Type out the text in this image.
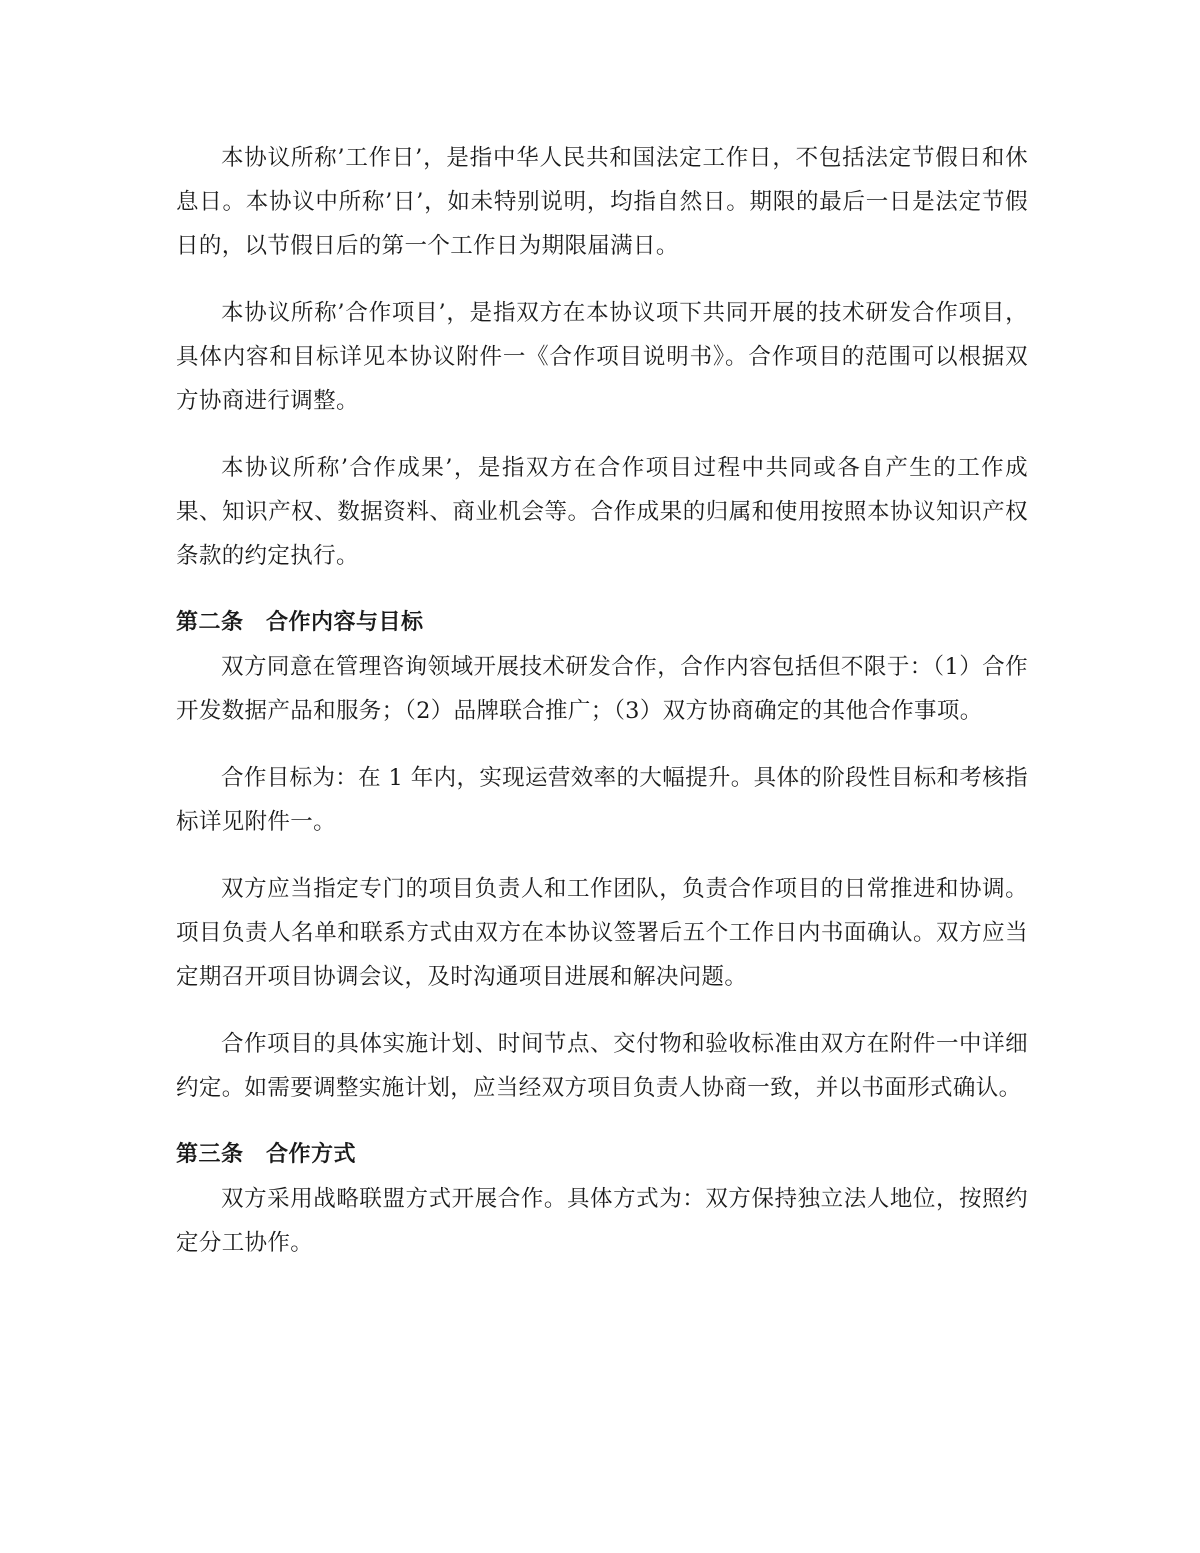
本协议所称’工作日’，是指中华人民共和国法定工作日，不包括法定节假日和休息日。本协议中所称’日’，如未特别说明，均指自然日。期限的最后一日是法定节假日的，以节假日后的第一个工作日为期限届满日。

本协议所称’合作项目’，是指双方在本协议项下共同开展的技术研发合作项目，具体内容和目标详见本协议附件一《合作项目说明书》。合作项目的范围可以根据双方协商进行调整。

本协议所称’合作成果’，是指双方在合作项目过程中共同或各自产生的工作成果、知识产权、数据资料、商业机会等。合作成果的归属和使用按照本协议知识产权条款的约定执行。

第二条　合作内容与目标

双方同意在管理咨询领域开展技术研发合作，合作内容包括但不限于：（1）合作开发数据产品和服务；（2）品牌联合推广；（3）双方协商确定的其他合作事项。

合作目标为：在 1 年内，实现运营效率的大幅提升。具体的阶段性目标和考核指标详见附件一。

双方应当指定专门的项目负责人和工作团队，负责合作项目的日常推进和协调。项目负责人名单和联系方式由双方在本协议签署后五个工作日内书面确认。双方应当定期召开项目协调会议，及时沟通项目进展和解决问题。

合作项目的具体实施计划、时间节点、交付物和验收标准由双方在附件一中详细约定。如需要调整实施计划，应当经双方项目负责人协商一致，并以书面形式确认。

第三条　合作方式

双方采用战略联盟方式开展合作。具体方式为：双方保持独立法人地位，按照约定分工协作。
